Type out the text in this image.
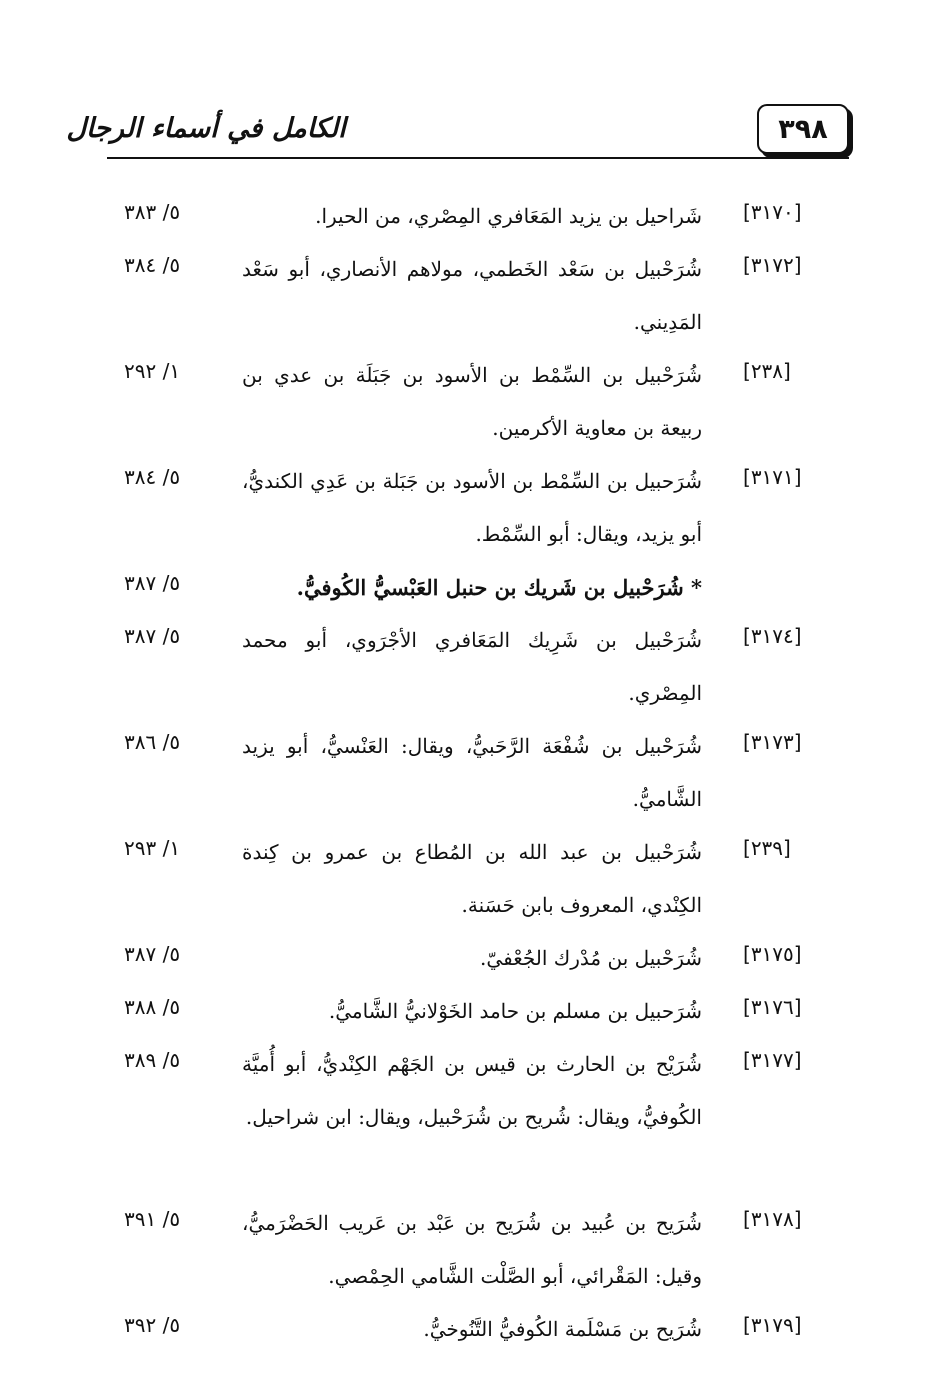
٣٩٨
الكامل في أسماء الرجال
[٣١٧٠]
شَراحيل بن يزيد المَعَافري المِصْري، من الحيرا.
٥/ ٣٨٣
[٣١٧٢]
شُرَحْبيل بن سَعْد الخَطمي، مولاهم الأنصاري، أبو سَعْد المَدِيني.
٥/ ٣٨٤
[٢٣٨]
شُرَحْبيل بن السِّمْط بن الأسود بن جَبَلَة بن عدي بن ربيعة بن معاوية الأكرمين.
١/ ٢٩٢
[٣١٧١]
شُرَحبيل بن السِّمْط بن الأسود بن جَبَلة بن عَدِي الكنديُّ، أبو يزيد، ويقال: أبو السِّمْط.
٥/ ٣٨٤
* شُرَحْبيل بن شَريك بن حنبل العَبْسيُّ الكُوفيُّ.
٥/ ٣٨٧
[٣١٧٤]
شُرَحْبيل بن شَرِيك المَعَافري الأجْرَوي، أبو محمد المِصْري.
٥/ ٣٨٧
[٣١٧٣]
شُرَحْبيل بن شُفْعَة الرَّحَبيُّ، ويقال: العَنْسيُّ، أبو يزيد الشَّاميُّ.
٥/ ٣٨٦
[٢٣٩]
شُرَحْبيل بن عبد الله بن المُطاع بن عمرو بن كِندة الكِنْدي، المعروف بابن حَسَنة.
١/ ٢٩٣
[٣١٧٥]
شُرَحْبيل بن مُدْرك الجُعْفيّ.
٥/ ٣٨٧
[٣١٧٦]
شُرَحبيل بن مسلم بن حامد الخَوْلانيُّ الشَّاميُّ.
٥/ ٣٨٨
[٣١٧٧]
شُرَيْح بن الحارث بن قيس بن الجَهْم الكِنْديُّ، أبو أُميَّة الكُوفيُّ، ويقال: شُريح بن شُرَحْبيل، ويقال: ابن شراحيل.
٥/ ٣٨٩
[٣١٧٨]
شُرَيح بن عُبيد بن شُرَيح بن عَبْد بن عَريب الحَضْرَميُّ، وقيل: المَقْرائي، أبو الصَّلْت الشَّامي الحِمْصي.
٥/ ٣٩١
[٣١٧٩]
شُرَيح بن مَسْلَمة الكُوفيُّ التَّنُوخيُّ.
٥/ ٣٩٢
